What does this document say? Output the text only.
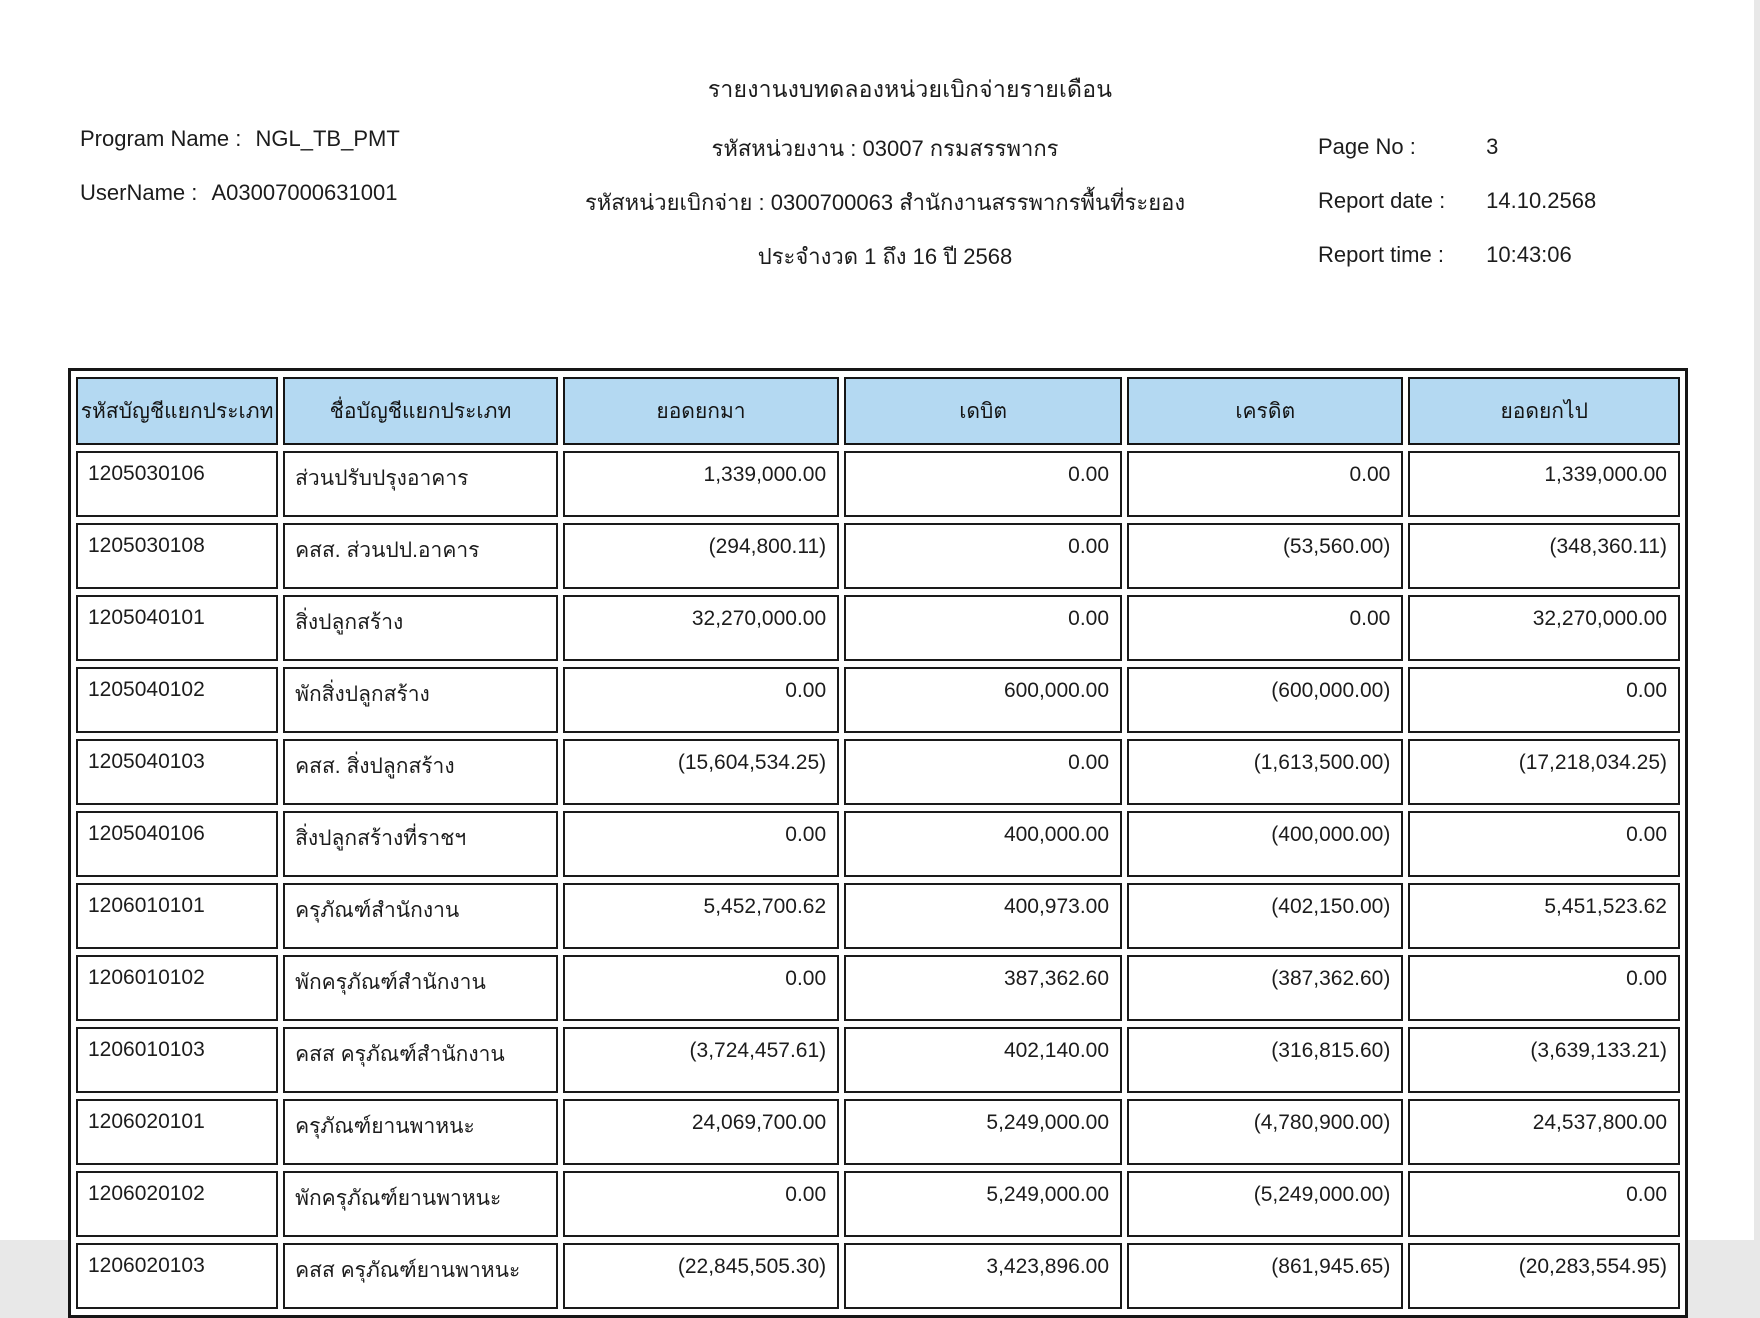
รายงานงบทดลองหน่วยเบิกจ่ายรายเดือน
Program Name : NGL_TB_PMT
UserName : A03007000631001
รหัสหน่วยงาน : 03007 กรมสรรพากร
รหัสหน่วยเบิกจ่าย : 0300700063 สำนักงานสรรพากรพื้นที่ระยอง
ประจำงวด 1 ถึง 16 ปี 2568
Page No :	3
Report date : 14.10.2568
Report time : 10:43:06
รหัสบัญชีแยกประเภท	ชื่อบัญชีแยกประเภท	ยอดยกมา	เดบิต	เครดิต	ยอดยกไป
1205030106	ส่วนปรับปรุงอาคาร	1,339,000.00	0.00	0.00	1,339,000.00
1205030108	คสส. ส่วนปป.อาคาร	(294,800.11)	0.00	(53,560.00)	(348,360.11)
1205040101	สิ่งปลูกสร้าง	32,270,000.00	0.00	0.00	32,270,000.00
1205040102	พักสิ่งปลูกสร้าง	0.00	600,000.00	(600,000.00)	0.00
1205040103	คสส. สิ่งปลูกสร้าง	(15,604,534.25)	0.00	(1,613,500.00)	(17,218,034.25)
1205040106	สิ่งปลูกสร้างที่ราชฯ	0.00	400,000.00	(400,000.00)	0.00
1206010101	ครุภัณฑ์สำนักงาน	5,452,700.62	400,973.00	(402,150.00)	5,451,523.62
1206010102	พักครุภัณฑ์สำนักงาน	0.00	387,362.60	(387,362.60)	0.00
1206010103	คสส ครุภัณฑ์สำนักงาน	(3,724,457.61)	402,140.00	(316,815.60)	(3,639,133.21)
1206020101	ครุภัณฑ์ยานพาหนะ	24,069,700.00	5,249,000.00	(4,780,900.00)	24,537,800.00
1206020102	พักครุภัณฑ์ยานพาหนะ	0.00	5,249,000.00	(5,249,000.00)	0.00
1206020103	คสส ครุภัณฑ์ยานพาหนะ	(22,845,505.30)	3,423,896.00	(861,945.65)	(20,283,554.95)
